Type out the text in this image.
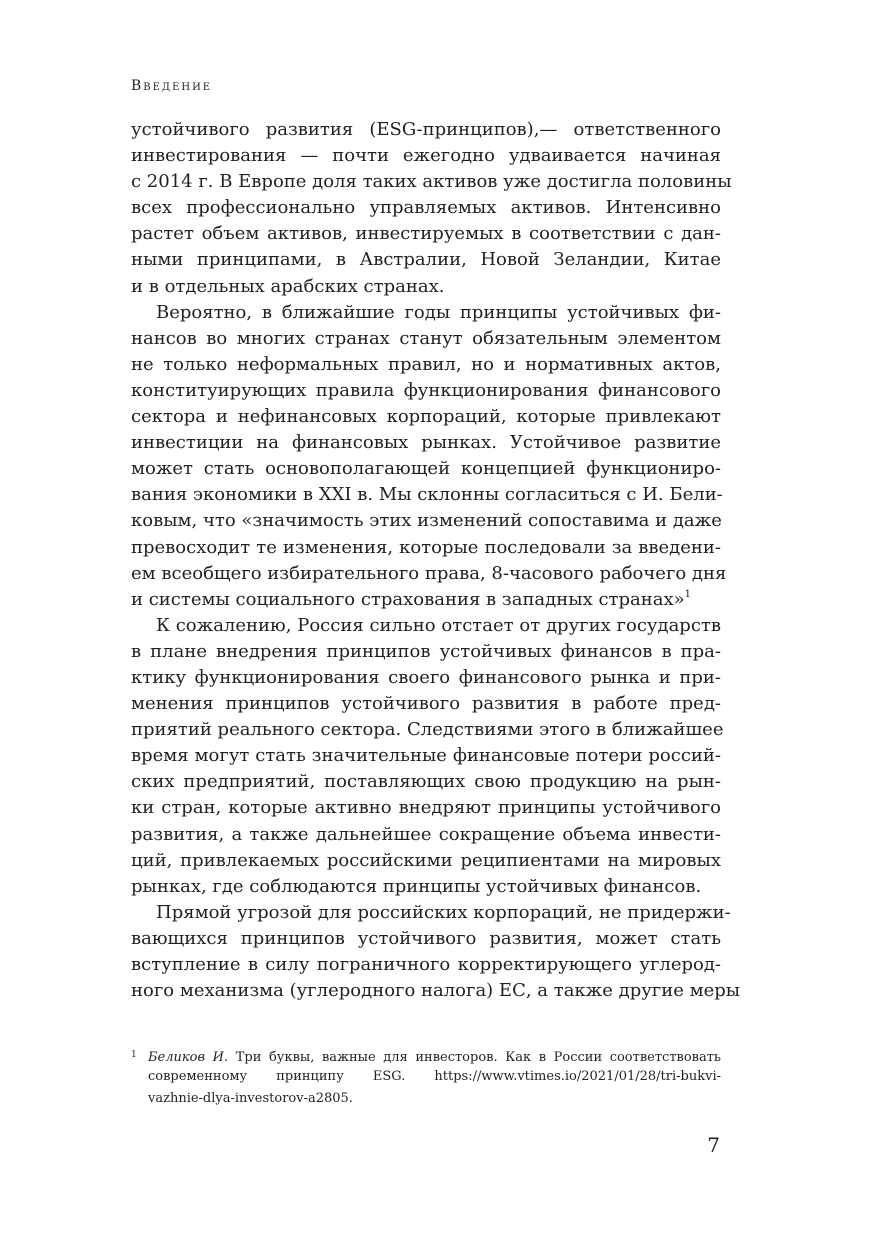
Введение
устойчивого развития (ESG-принципов),— ответственного
инвестирования — почти ежегодно удваивается начиная
с 2014 г. В Европе доля таких активов уже достигла половины
всех профессионально управляемых активов. Интенсивно
растет объем активов, инвестируемых в соответствии с дан-
ными принципами, в Австралии, Новой Зеландии, Китае
и в отдельных арабских странах.
Вероятно, в ближайшие годы принципы устойчивых фи-
нансов во многих странах станут обязательным элементом
не только неформальных правил, но и нормативных актов,
конституирующих правила функционирования финансового
сектора и нефинансовых корпораций, которые привлекают
инвестиции на финансовых рынках. Устойчивое развитие
может стать основополагающей концепцией функциониро-
вания экономики в XXI в. Мы склонны согласиться с И. Бели-
ковым, что «значимость этих изменений сопоставима и даже
превосходит те изменения, которые последовали за введени-
ем всеобщего избирательного права, 8-часового рабочего дня
и системы социального страхования в западных странах»$^1$
К сожалению, Россия сильно отстает от других государств
в плане внедрения принципов устойчивых финансов в пра-
ктику функционирования своего финансового рынка и при-
менения принципов устойчивого развития в работе пред-
приятий реального сектора. Следствиями этого в ближайшее
время могут стать значительные финансовые потери россий-
ских предприятий, поставляющих свою продукцию на рын-
ки стран, которые активно внедряют принципы устойчивого
развития, а также дальнейшее сокращение объема инвести-
ций, привлекаемых российскими реципиентами на мировых
рынках, где соблюдаются принципы устойчивых финансов.
Прямой угрозой для российских корпораций, не придержи-
вающихся принципов устойчивого развития, может стать
вступление в силу пограничного корректирующего углерод-
ного механизма (углеродного налога) ЕС, а также другие меры
1 Беликов И. Три буквы, важные для инвесторов. Как в России соответствовать
современному принципу ESG. https://www.vtimes.io/2021/01/28/tri-bukvi-
vazhnie-dlya-investorov-a2805.
7
